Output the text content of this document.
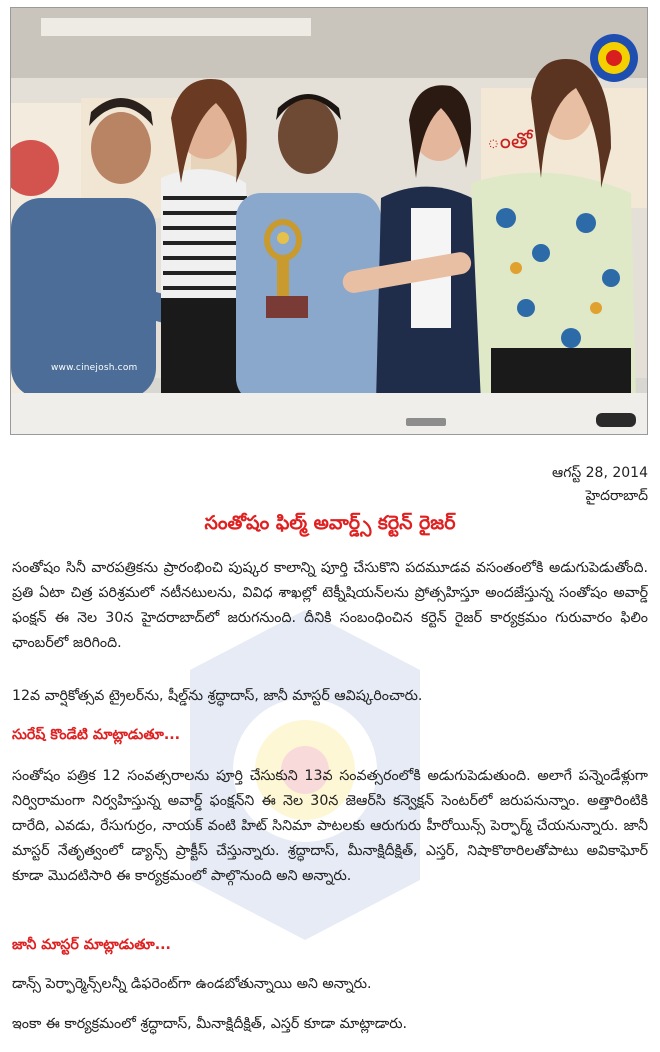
ంతో
www.cinejosh.com
ఆగస్ట్ 28, 2014
హైదరాబాద్
సంతోషం ఫిల్మ్ అవార్డ్స్ కర్టెన్ రైజర్
సంతోషం సినీ వారపత్రికను ప్రారంభించి పుష్కర కాలాన్ని పూర్తి చేసుకొని పదమూడవ వసంతంలోకి అడుగుపెడుతోంది. ప్రతి ఏటా చిత్ర పరిశ్రమలో నటీనటులను, వివిధ శాఖల్లో టెక్నీషియన్‌లను ప్రోత్సహిస్తూ అందజేస్తున్న సంతోషం అవార్డ్ ఫంక్షన్ ఈ నెల 30న హైదరాబాద్‌లో జరుగనుంది. దీనికి సంబంధించిన కర్టెన్ రైజర్ కార్యక్రమం గురువారం ఫిలిం ఛాంబర్‌లో జరిగింది.
12వ వార్షికోత్సవ ట్రైలర్‌ను, షీల్డ్‌ను శ్రద్ధాదాస్, జానీ మాస్టర్ ఆవిష్కరించారు.
సురేష్ కొండేటి మాట్లాడుతూ...
సంతోషం పత్రిక 12 సంవత్సరాలను పూర్తి చేసుకుని 13వ సంవత్సరంలోకి అడుగుపెడుతుంది. అలాగే పన్నెండేళ్లుగా నిర్విరామంగా నిర్వహిస్తున్న అవార్డ్ ఫంక్షన్‌ని ఈ నెల 30న జెఆర్‌సి కన్వెక్షన్ సెంటర్‌లో జరుపనున్నాం. అత్తారింటికి దారేది, ఎవడు, రేసుగుర్రం, నాయక్ వంటి హిట్ సినిమా పాటలకు ఆరుగురు హీరోయిన్స్ పెర్ఫార్మ్ చేయనున్నారు. జానీ మాస్టర్ నేతృత్వంలో డ్యాన్స్ ప్రాక్టీస్ చేస్తున్నారు. శ్రద్ధాదాస్, మీనాక్షిదీక్షిత్, ఎస్తర్, నిషాకొఠారిలతోపాటు అవికాఘోర్ కూడా మొదటిసారి ఈ కార్యక్రమంలో పాల్గొనుంది అని అన్నారు.
జానీ మాస్టర్ మాట్లాడుతూ...
డాన్స్ పెర్ఫార్మెన్స్‌లన్నీ డిఫరెంట్‌గా ఉండబోతున్నాయి అని అన్నారు.
ఇంకా ఈ కార్యక్రమంలో శ్రద్ధాదాస్, మీనాక్షిదీక్షిత్, ఎస్తర్ కూడా మాట్లాడారు.
